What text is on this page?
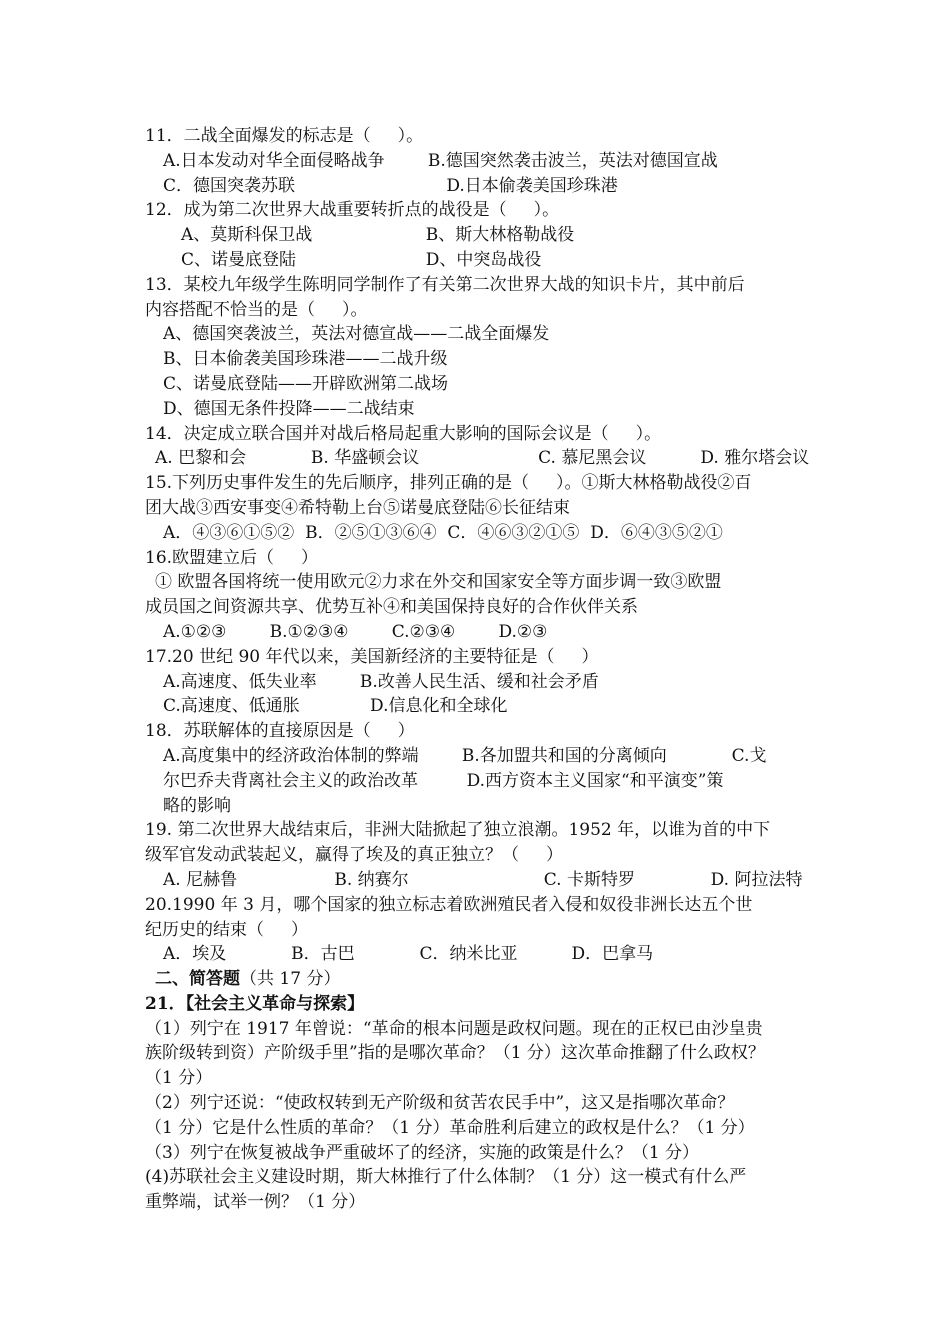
11．二战全面爆发的标志是（     ）。
A.日本发动对华全面侵略战争        B.德国突然袭击波兰，英法对德国宣战
C．德国突袭苏联                            D.日本偷袭美国珍珠港
12．成为第二次世界大战重要转折点的战役是（     ）。
A、莫斯科保卫战                     B、斯大林格勒战役
C、诺曼底登陆                        D、中突岛战役
13．某校九年级学生陈明同学制作了有关第二次世界大战的知识卡片，其中前后
内容搭配不恰当的是（     ）。
A、德国突袭波兰，英法对德宣战——二战全面爆发
B、日本偷袭美国珍珠港——二战升级
C、诺曼底登陆——开辟欧洲第二战场
D、德国无条件投降——二战结束
14．决定成立联合国并对战后格局起重大影响的国际会议是（     ）。
A. 巴黎和会            B. 华盛顿会议                      C. 慕尼黑会议          D. 雅尔塔会议
15.下列历史事件发生的先后顺序，排列正确的是（     ）。①斯大林格勒战役②百
团大战③西安事变④希特勒上台⑤诺曼底登陆⑥长征结束
A．④③⑥①⑤②  B．②⑤①③⑥④  C．④⑥③②①⑤  D．⑥④③⑤②①
16.欧盟建立后（     ）
① 欧盟各国将统一使用欧元②力求在外交和国家安全等方面步调一致③欧盟
成员国之间资源共享、优势互补④和美国保持良好的合作伙伴关系
A.①②③        B.①②③④        C.②③④        D.②③
17.20 世纪 90 年代以来，美国新经济的主要特征是（     ）
A.高速度、低失业率        B.改善人民生活、缓和社会矛盾
C.高速度、低通胀             D.信息化和全球化
18．苏联解体的直接原因是（     ）
A.高度集中的经济政治体制的弊端        B.各加盟共和国的分离倾向            C.戈
尔巴乔夫背离社会主义的政治改革         D.西方资本主义国家“和平演变”策
略的影响
19. 第二次世界大战结束后，非洲大陆掀起了独立浪潮。1952 年，以谁为首的中下
级军官发动武装起义，赢得了埃及的真正独立？（     ）
A. 尼赫鲁                  B. 纳赛尔                         C. 卡斯特罗              D. 阿拉法特
20.1990 年 3 月，哪个国家的独立标志着欧洲殖民者入侵和奴役非洲长达五个世
纪历史的结束（     ）
A．埃及            B．古巴            C．纳米比亚          D．巴拿马
二、简答题（共 17 分）
21．【社会主义革命与探索】
（1）列宁在 1917 年曾说：“革命的根本问题是政权问题。现在的正权已由沙皇贵
族阶级转到资）产阶级手里”指的是哪次革命？（1 分）这次革命推翻了什么政权？
（1 分）
（2）列宁还说：“使政权转到无产阶级和贫苦农民手中”，这又是指哪次革命？
（1 分）它是什么性质的革命？（1 分）革命胜利后建立的政权是什么？（1 分）
（3）列宁在恢复被战争严重破坏了的经济，实施的政策是什么？（1 分）
(4)苏联社会主义建设时期，斯大林推行了什么体制？（1 分）这一模式有什么严
重弊端，试举一例？（1 分）
